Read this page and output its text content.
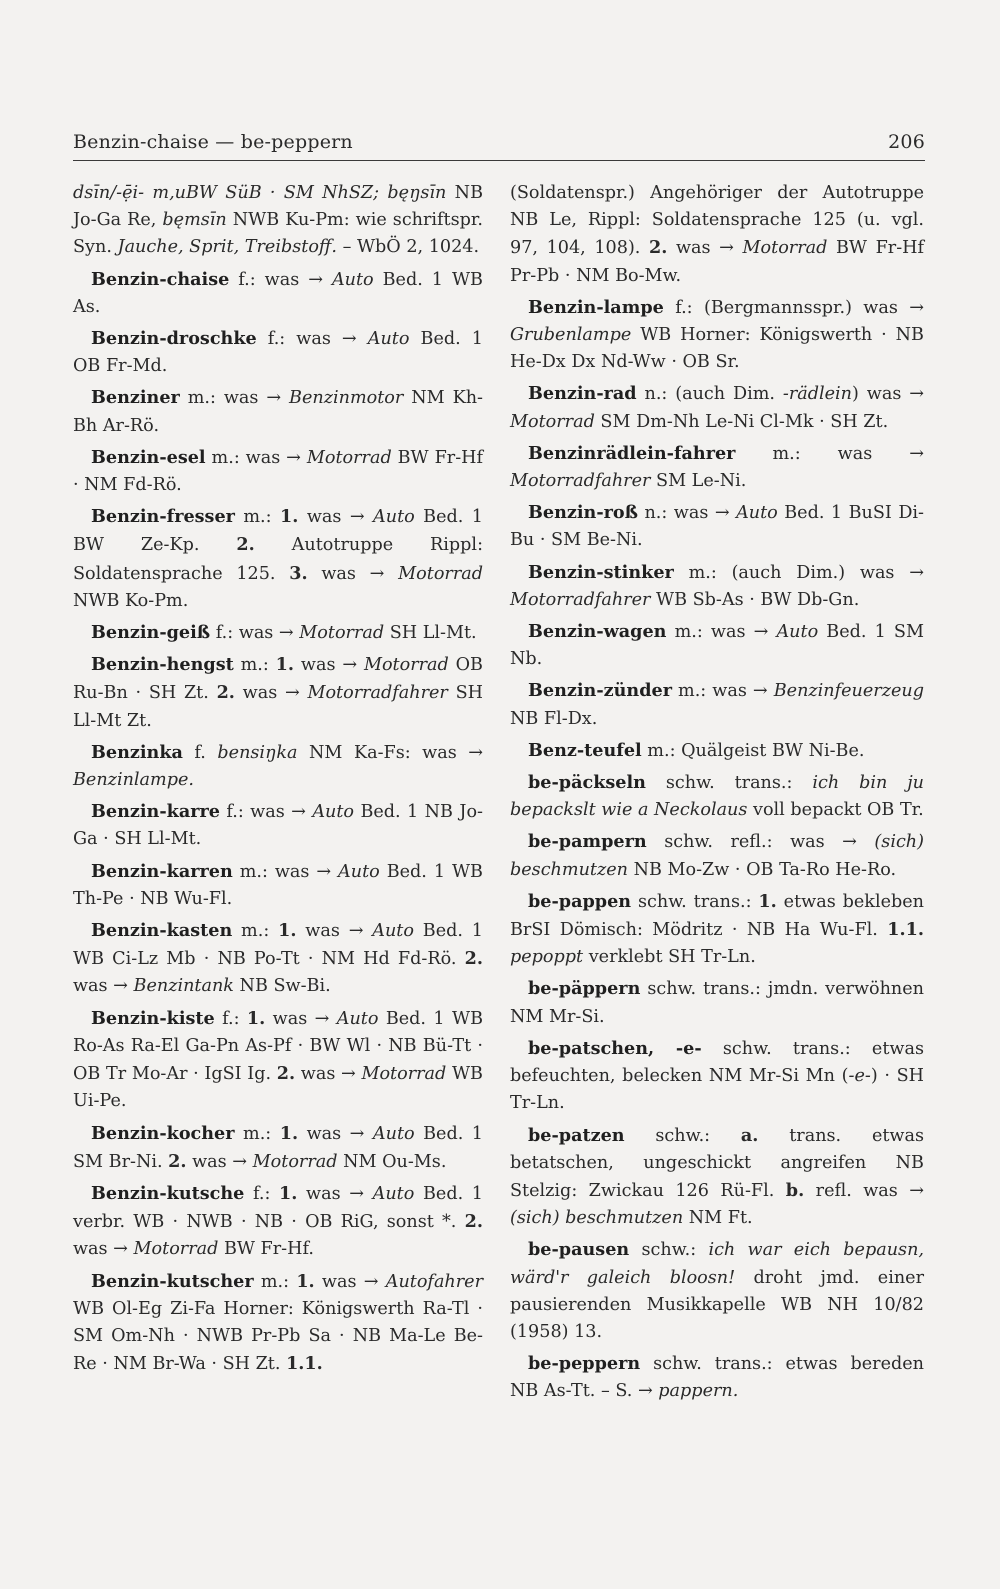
Benzin-chaise — be-peppern	206

dsīn/-ẹ̄i- m,uBW SüB · SM NhSZ; bęŋsīn NB Jo-Ga Re, bęmsīn NWB Ku-Pm: wie schriftspr. Syn. Jauche, Sprit, Treibstoff. – WbÖ 2, 1024.

Benzin-chaise f.: was → Auto Bed. 1 WB As.

Benzin-droschke f.: was → Auto Bed. 1 OB Fr-Md.

Benziner m.: was → Benzinmotor NM Kh-Bh Ar-Rö.

Benzin-esel m.: was → Motorrad BW Fr-Hf · NM Fd-Rö.

Benzin-fresser m.: 1. was → Auto Bed. 1 BW Ze-Kp. 2. Autotruppe Rippl: Soldatensprache 125. 3. was → Motorrad NWB Ko-Pm.

Benzin-geiß f.: was → Motorrad SH Ll-Mt.

Benzin-hengst m.: 1. was → Motorrad OB Ru-Bn · SH Zt. 2. was → Motorradfahrer SH Ll-Mt Zt.

Benzinka f. bensiŋka NM Ka-Fs: was → Benzinlampe.

Benzin-karre f.: was → Auto Bed. 1 NB Jo-Ga · SH Ll-Mt.

Benzin-karren m.: was → Auto Bed. 1 WB Th-Pe · NB Wu-Fl.

Benzin-kasten m.: 1. was → Auto Bed. 1 WB Ci-Lz Mb · NB Po-Tt · NM Hd Fd-Rö. 2. was → Benzintank NB Sw-Bi.

Benzin-kiste f.: 1. was → Auto Bed. 1 WB Ro-As Ra-El Ga-Pn As-Pf · BW Wl · NB Bü-Tt · OB Tr Mo-Ar · IgSI Ig. 2. was → Motorrad WB Ui-Pe.

Benzin-kocher m.: 1. was → Auto Bed. 1 SM Br-Ni. 2. was → Motorrad NM Ou-Ms.

Benzin-kutsche f.: 1. was → Auto Bed. 1 verbr. WB · NWB · NB · OB RiG, sonst *. 2. was → Motorrad BW Fr-Hf.

Benzin-kutscher m.: 1. was → Autofahrer WB Ol-Eg Zi-Fa Horner: Königswerth Ra-Tl · SM Om-Nh · NWB Pr-Pb Sa · NB Ma-Le Be-Re · NM Br-Wa · SH Zt. 1.1.

(Soldatenspr.) Angehöriger der Autotruppe NB Le, Rippl: Soldatensprache 125 (u. vgl. 97, 104, 108). 2. was → Motorrad BW Fr-Hf Pr-Pb · NM Bo-Mw.

Benzin-lampe f.: (Bergmannsspr.) was → Grubenlampe WB Horner: Königswerth · NB He-Dx Dx Nd-Ww · OB Sr.

Benzin-rad n.: (auch Dim. -rädlein) was → Motorrad SM Dm-Nh Le-Ni Cl-Mk · SH Zt.

Benzinrädlein-fahrer m.: was → Motorradfahrer SM Le-Ni.

Benzin-roß n.: was → Auto Bed. 1 BuSI Di-Bu · SM Be-Ni.

Benzin-stinker m.: (auch Dim.) was → Motorradfahrer WB Sb-As · BW Db-Gn.

Benzin-wagen m.: was → Auto Bed. 1 SM Nb.

Benzin-zünder m.: was → Benzinfeuerzeug NB Fl-Dx.

Benz-teufel m.: Quälgeist BW Ni-Be.

be-päckseln schw. trans.: ich bin ju bepackslt wie a Neckolaus voll bepackt OB Tr.

be-pampern schw. refl.: was → (sich) beschmutzen NB Mo-Zw · OB Ta-Ro He-Ro.

be-pappen schw. trans.: 1. etwas bekleben BrSI Dömisch: Mödritz · NB Ha Wu-Fl. 1.1. pepoppt verklebt SH Tr-Ln.

be-päppern schw. trans.: jmdn. verwöhnen NM Mr-Si.

be-patschen, -e- schw. trans.: etwas befeuchten, belecken NM Mr-Si Mn (-e-) · SH Tr-Ln.

be-patzen schw.: a. trans. etwas betatschen, ungeschickt angreifen NB Stelzig: Zwickau 126 Rü-Fl. b. refl. was → (sich) beschmutzen NM Ft.

be-pausen schw.: ich war eich bepausn, wärd'r galeich bloosn! droht jmd. einer pausierenden Musikkapelle WB NH 10/82 (1958) 13.

be-peppern schw. trans.: etwas bereden NB As-Tt. – S. → pappern.
